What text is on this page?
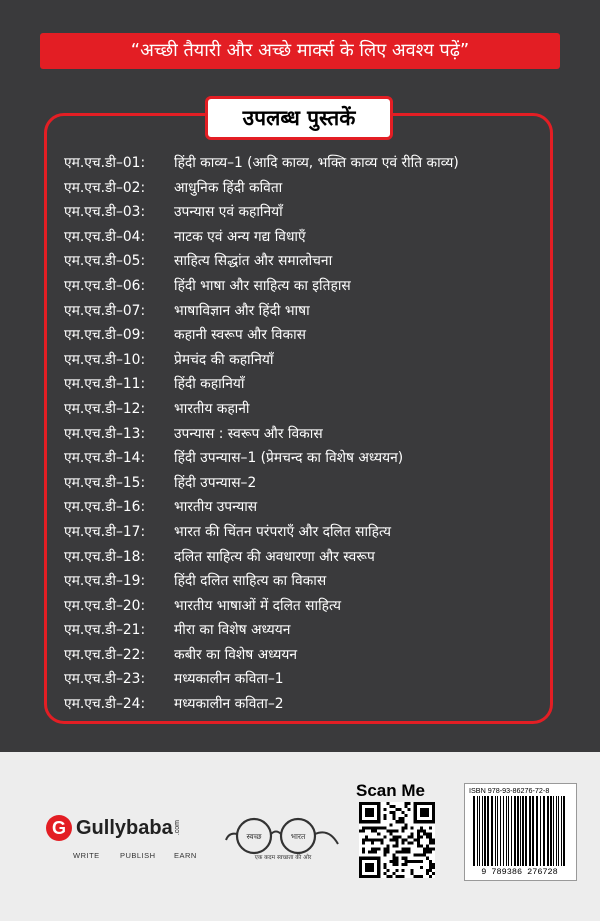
“अच्छी तैयारी और अच्छे मार्क्स के लिए अवश्य पढ़ें”
उपलब्ध पुस्तकें
एम.एच.डी–01: हिंदी काव्य–1 (आदि काव्य, भक्ति काव्य एवं रीति काव्य)
एम.एच.डी–02: आधुनिक हिंदी कविता
एम.एच.डी–03: उपन्यास एवं कहानियाँ
एम.एच.डी–04: नाटक एवं अन्य गद्य विधाएँ
एम.एच.डी–05: साहित्य सिद्धांत और समालोचना
एम.एच.डी–06: हिंदी भाषा और साहित्य का इतिहास
एम.एच.डी–07: भाषाविज्ञान और हिंदी भाषा
एम.एच.डी–09: कहानी स्वरूप और विकास
एम.एच.डी–10: प्रेमचंद की कहानियाँ
एम.एच.डी–11: हिंदी कहानियाँ
एम.एच.डी–12: भारतीय कहानी
एम.एच.डी–13: उपन्यास : स्वरूप और विकास
एम.एच.डी–14: हिंदी उपन्यास–1 (प्रेमचन्द का विशेष अध्ययन)
एम.एच.डी–15: हिंदी उपन्यास–2
एम.एच.डी–16: भारतीय उपन्यास
एम.एच.डी–17: भारत की चिंतन परंपराएँ और दलित साहित्य
एम.एच.डी–18: दलित साहित्य की अवधारणा और स्वरूप
एम.एच.डी–19: हिंदी दलित साहित्य का विकास
एम.एच.डी–20: भारतीय भाषाओं में दलित साहित्य
एम.एच.डी–21: मीरा का विशेष अध्ययन
एम.एच.डी–22: कबीर का विशेष अध्ययन
एम.एच.डी–23: मध्यकालीन कविता–1
एम.एच.डी–24: मध्यकालीन कविता–2
G Gullybaba .com
WRITE	PUBLISH EARN
स्वच्छ	भारत
एक कदम स्वच्छता की ओर
Scan Me	ISBN 978-93-86276-72-8
9 789386 276728
